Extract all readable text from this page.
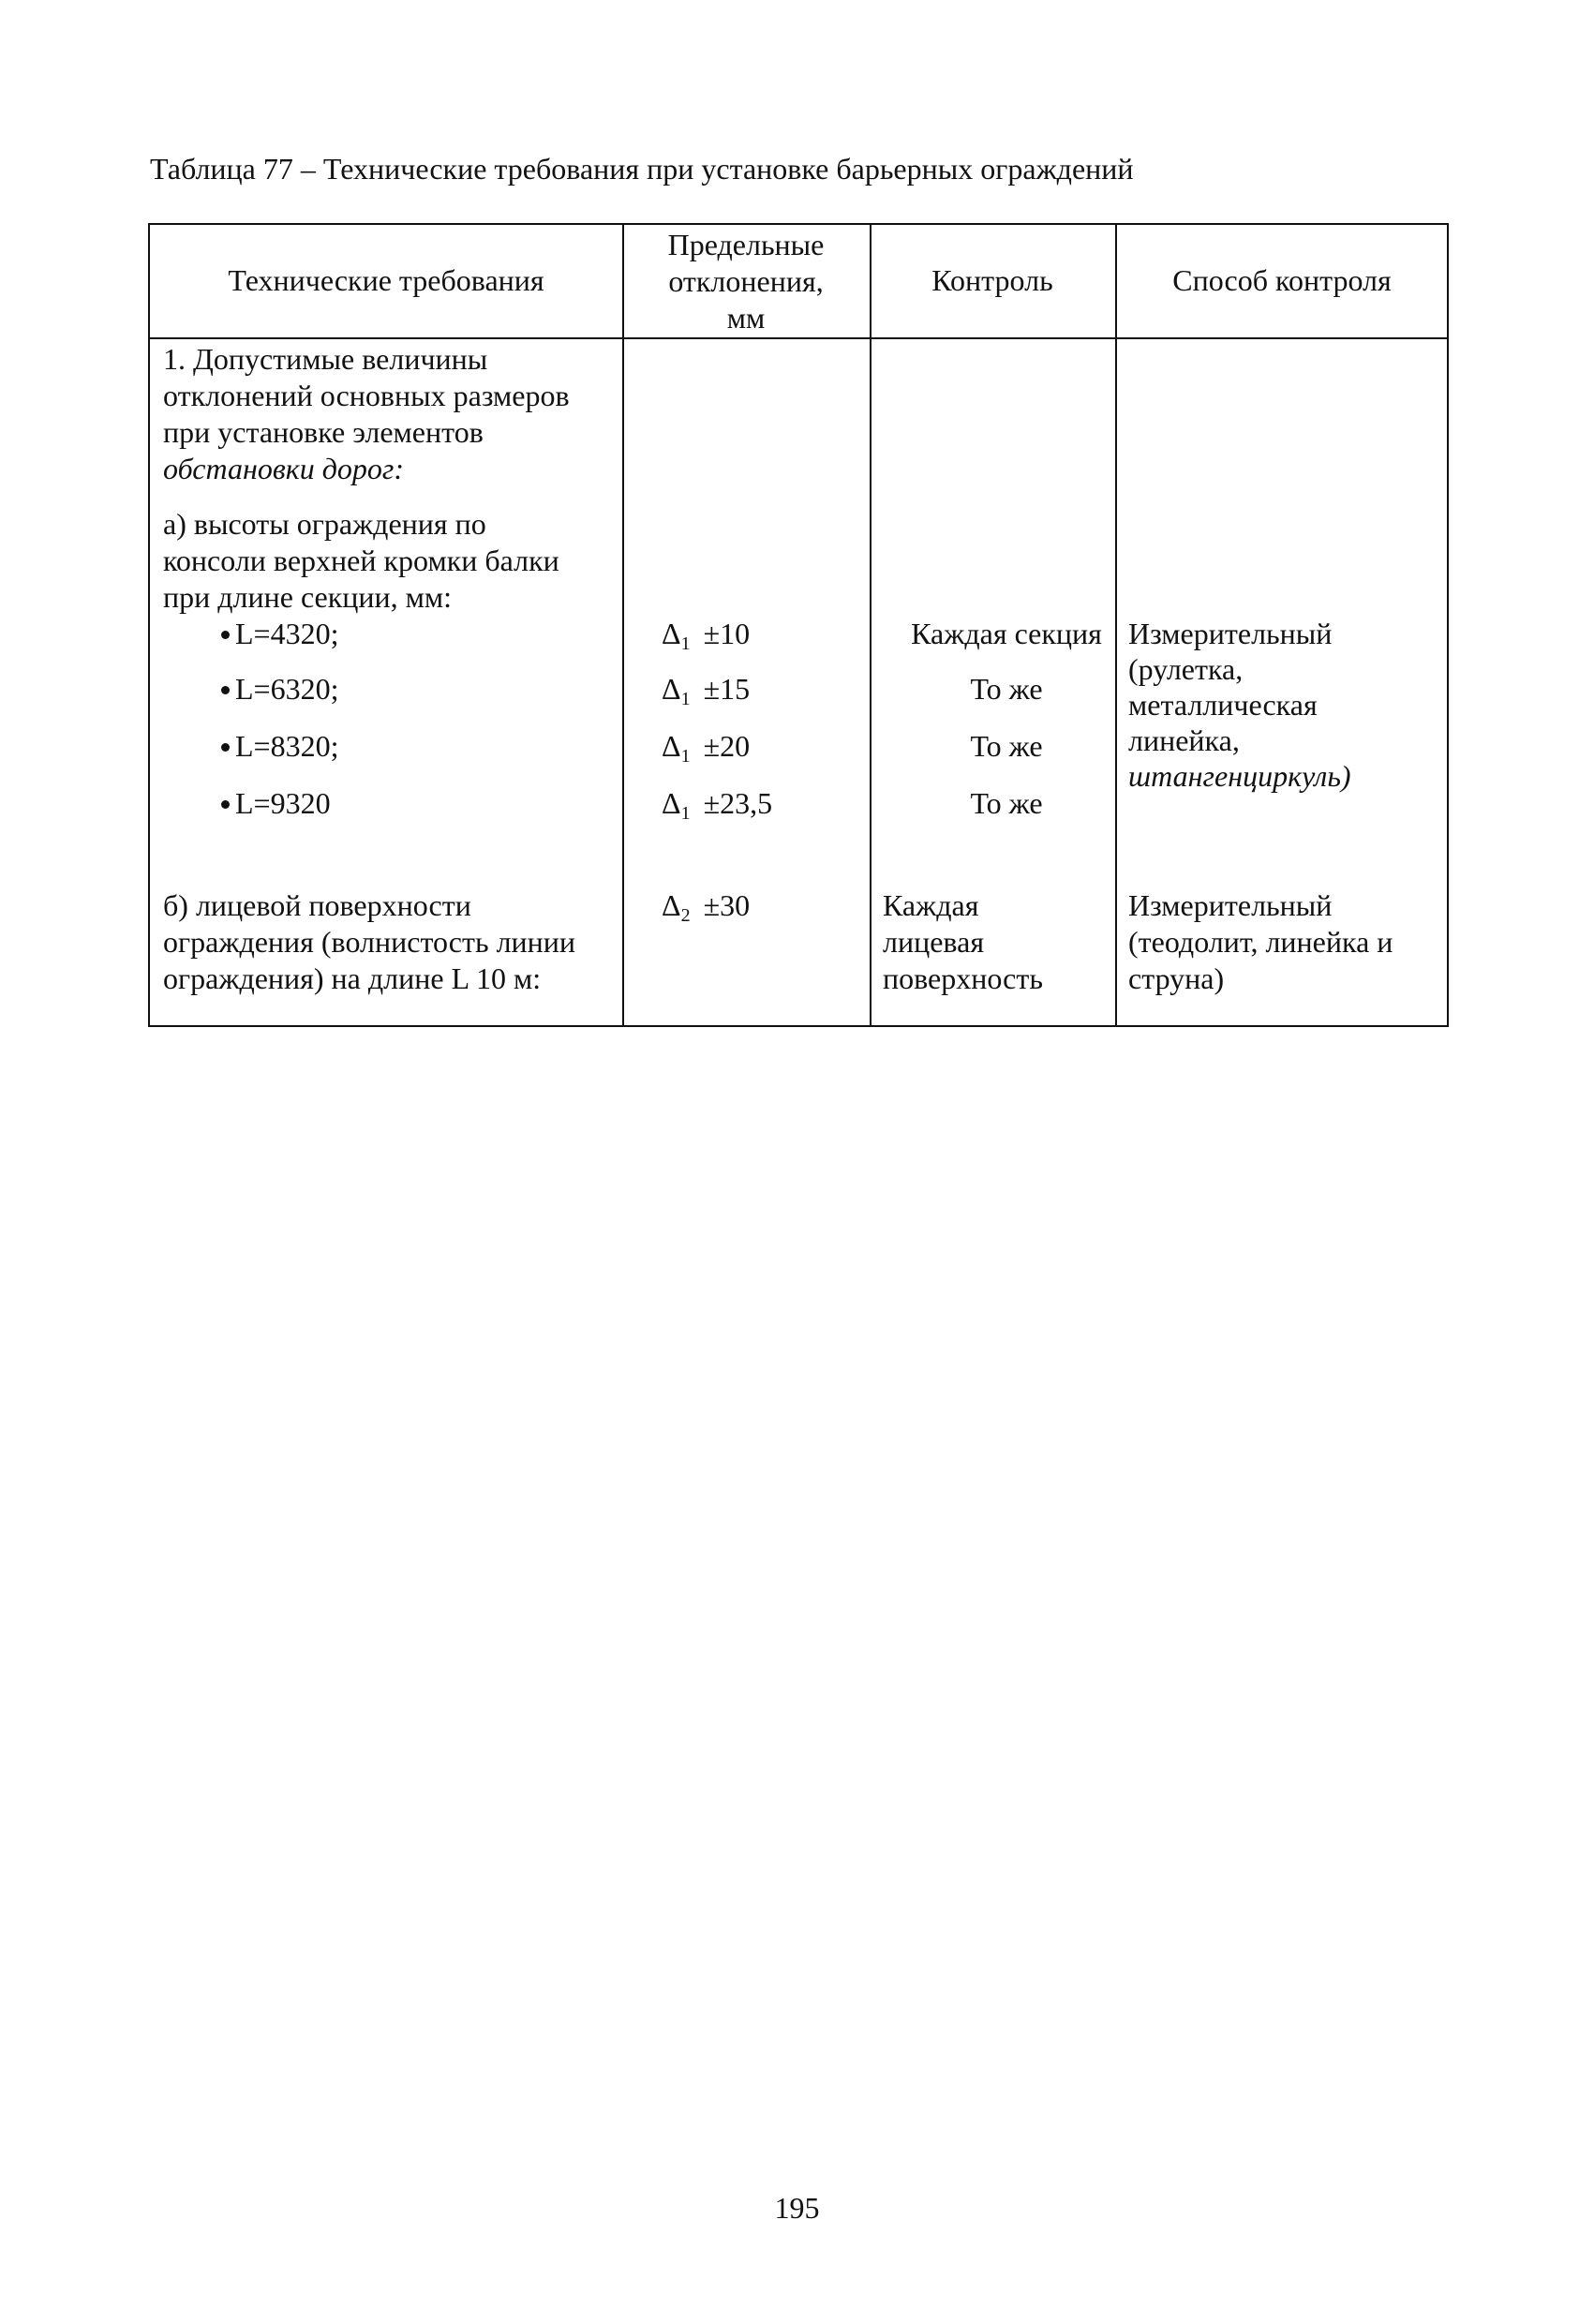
Таблица 77 – Технические требования при установке барьерных ограждений
Технические требования
Предельные
отклонения,
мм
Контроль	Способ контроля
1. Допустимые величины
отклонений основных размеров
при установке элементов
обстановки дорог:
а) высоты ограждения по
консоли верхней кромки балки
при длине секции, мм:
L=4320;
L=6320;
L=8320;
L=9320
Δ1 ±10
Δ1 ±15
Δ1 ±20
Δ1 ±23,5
Каждая секция
То же
То же
То же
Измерительный
(рулетка,
металлическая
линейка,
штангенциркуль)
б) лицевой поверхности
ограждения (волнистость линии
ограждения) на длине L 10 м:
Δ2 ±30	Каждая
лицевая
поверхность
Измерительный
(теодолит, линейка и
струна)
195
